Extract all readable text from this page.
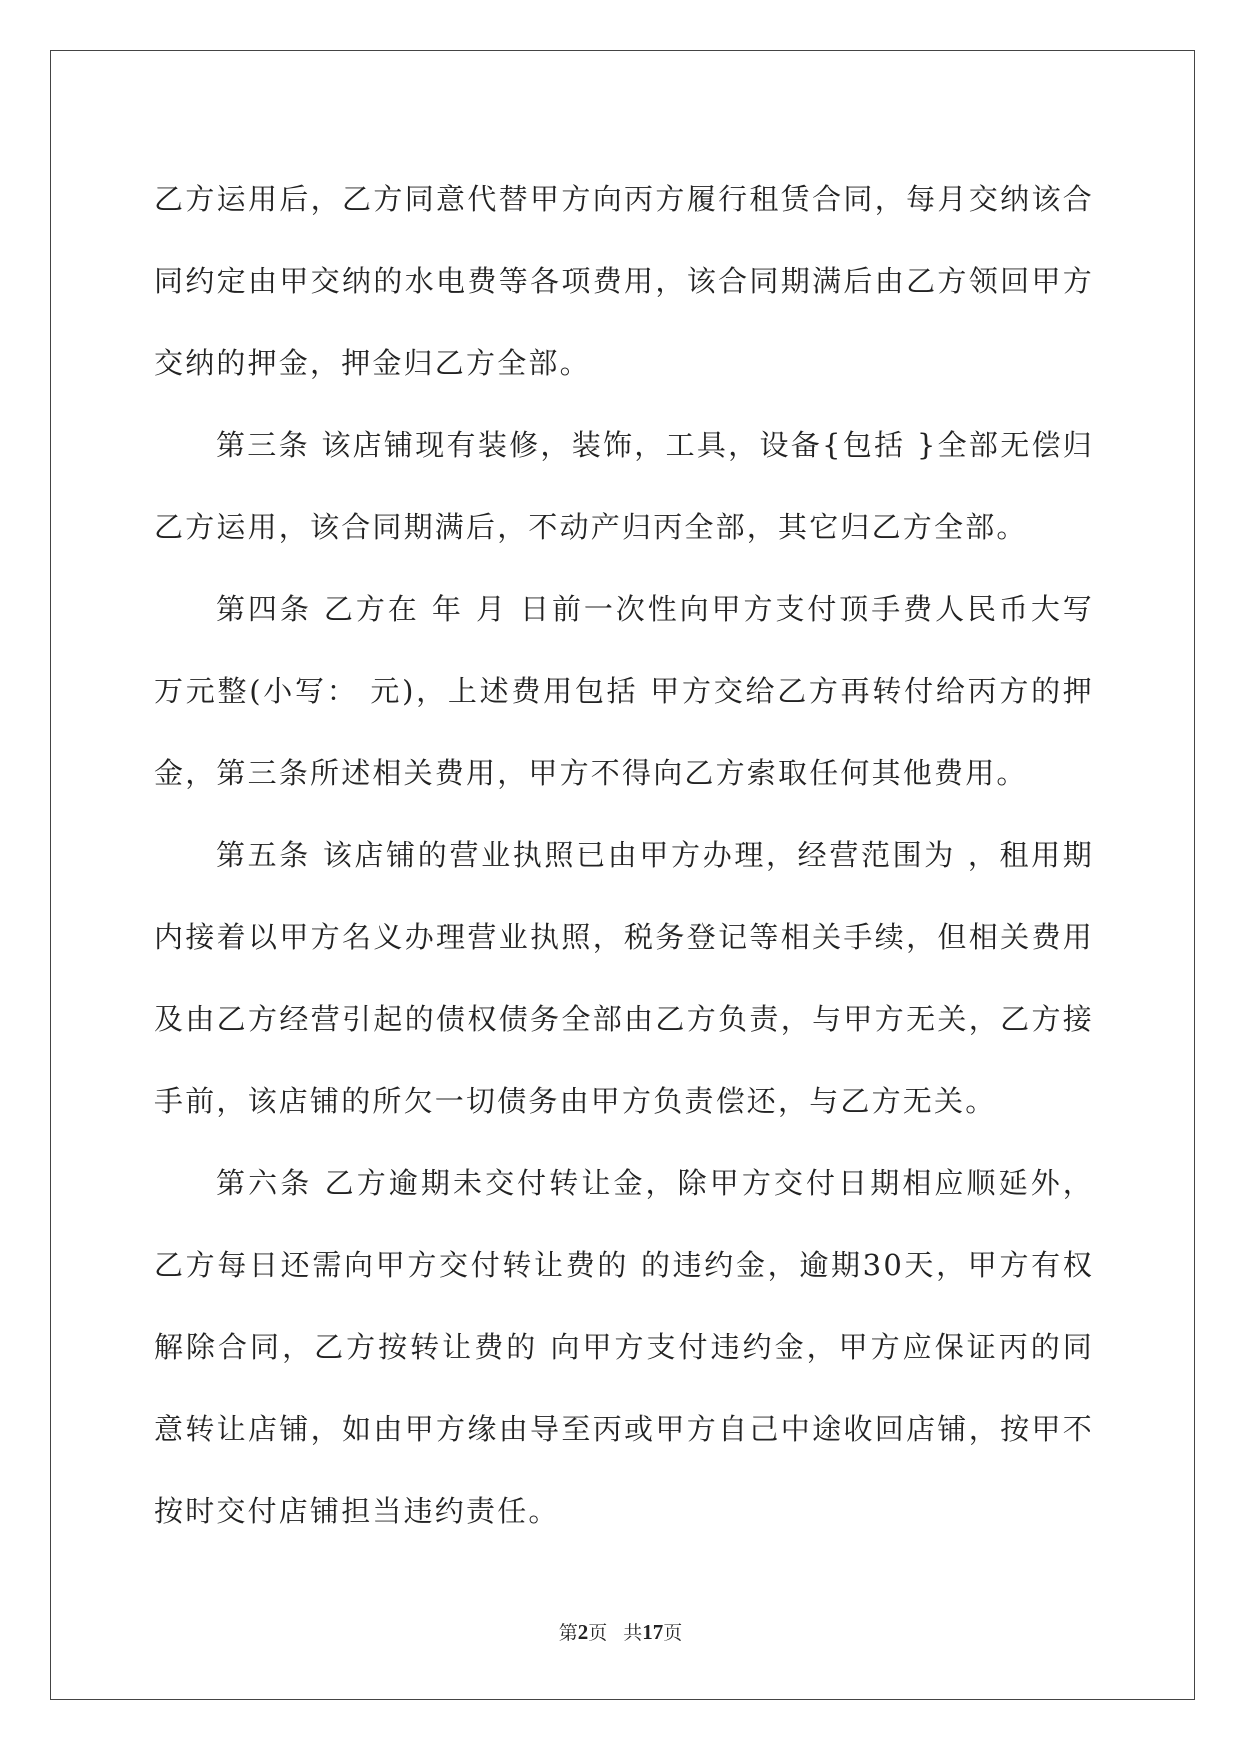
乙方运用后，乙方同意代替甲方向丙方履行租赁合同，每月交纳该合同约定由甲交纳的水电费等各项费用，该合同期满后由乙方领回甲方交纳的押金，押金归乙方全部。

第三条 该店铺现有装修，装饰，工具，设备{包括 }全部无偿归乙方运用，该合同期满后，不动产归丙全部，其它归乙方全部。

第四条 乙方在 年 月 日前一次性向甲方支付顶手费人民币大写万元整(小写： 元)，上述费用包括 甲方交给乙方再转付给丙方的押金，第三条所述相关费用，甲方不得向乙方索取任何其他费用。

第五条 该店铺的营业执照已由甲方办理，经营范围为 ，租用期内接着以甲方名义办理营业执照，税务登记等相关手续，但相关费用及由乙方经营引起的债权债务全部由乙方负责，与甲方无关，乙方接手前，该店铺的所欠一切债务由甲方负责偿还，与乙方无关。

第六条 乙方逾期未交付转让金，除甲方交付日期相应顺延外，乙方每日还需向甲方交付转让费的 的违约金，逾期30天，甲方有权解除合同，乙方按转让费的 向甲方支付违约金，甲方应保证丙的同意转让店铺，如由甲方缘由导至丙或甲方自己中途收回店铺，按甲不按时交付店铺担当违约责任。

第2页 共17页
